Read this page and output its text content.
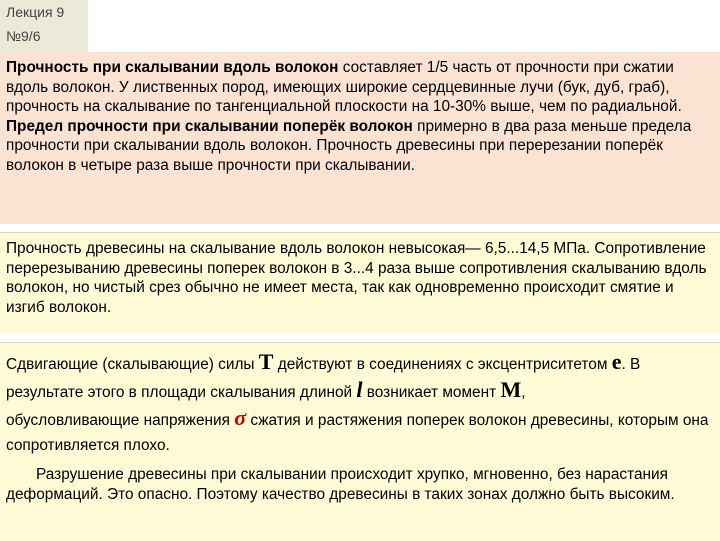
Лекция 9
№9/6
Прочность при скалывании вдоль волокон составляет 1/5 часть от прочности при сжатии вдоль волокон. У лиственных пород, имеющих широкие сердцевинные лучи (бук, дуб, граб), прочность на скалывание по тангенциальной плоскости на 10-30% выше, чем по радиальной.
Предел прочности при скалывании поперёк волокон примерно в два раза меньше предела прочности при скалывании вдоль волокон. Прочность древесины при перерезании поперёк волокон в четыре раза выше прочности при скалывании.
Прочность древесины на скалывание вдоль волокон невысокая— 6,5...14,5 МПа. Сопротивление перерезыванию древесины поперек волокон в 3...4 раза выше сопротивления скалыванию вдоль волокон, но чистый срез обычно не имеет места, так как одновременно происходит смятие и изгиб волокон.
Сдвигающие (скалывающие) силы T действуют в соединениях с эксцентриситетом e. В результате этого в площади скалывания длиной l возникает момент M,
обусловливающие напряжения σ сжатия и растяжения поперек волокон древесины, которым она сопротивляется плохо.
Разрушение древесины при скалывании происходит хрупко, мгновенно, без нарастания деформаций. Это опасно. Поэтому качество древесины в таких зонах должно быть высоким.
